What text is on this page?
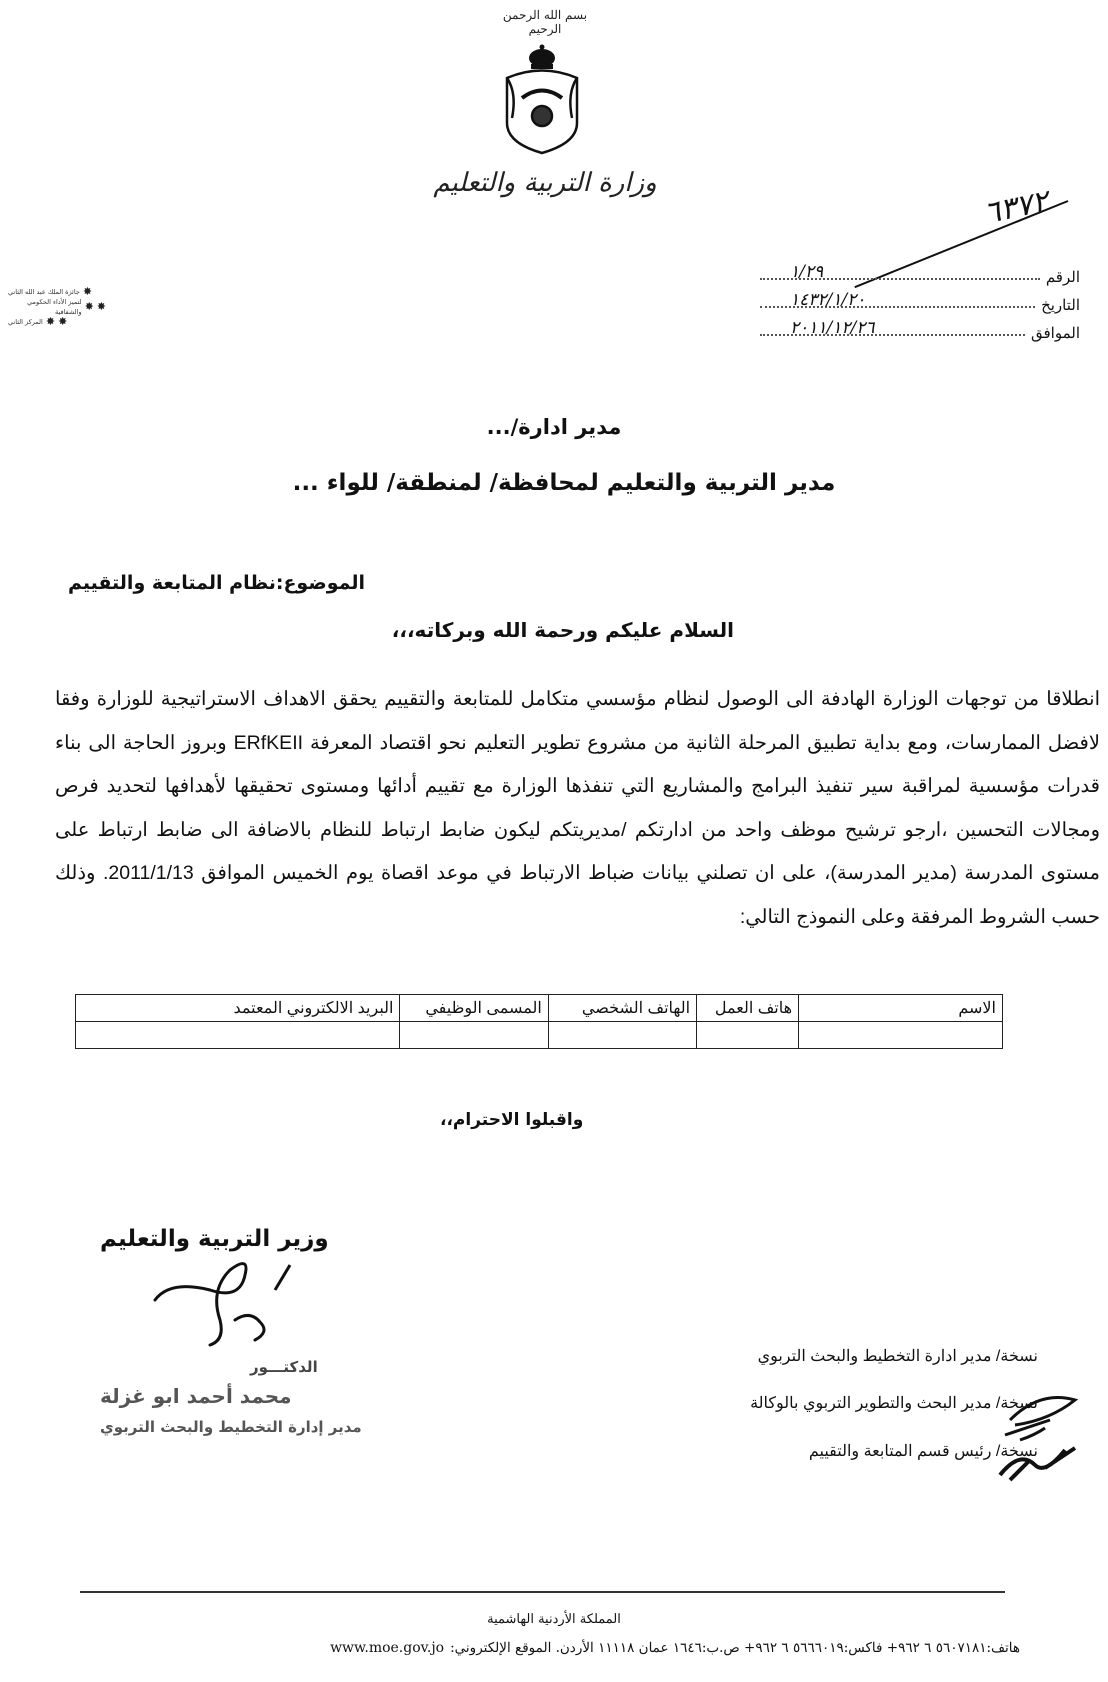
بسم الله الرحمن الرحيم
وزارة التربية والتعليم
✸
جائزة الملك عبد الله الثاني
✸
✸
لتميز الأداء الحكومي والشفافية
✸
✸
المركز الثاني
٦٣٧٢
الرقم
١/٢٩
التاريخ
١٤٣٢/١/٢٠
الموافق
٢٠١١/١٢/٢٦
مدير ادارة/...
مدير التربية والتعليم لمحافظة/ لمنطقة/ للواء ...
الموضوع:نظام المتابعة والتقييم
السلام عليكم ورحمة الله وبركاته،،،

انطلاقا من توجهات الوزارة الهادفة الى الوصول لنظام مؤسسي متكامل للمتابعة والتقييم يحقق الاهداف الاستراتيجية للوزارة وفقا لافضل الممارسات، ومع بداية تطبيق المرحلة الثانية من مشروع تطوير التعليم نحو اقتصاد المعرفة ERfKEII وبروز الحاجة الى بناء قدرات مؤسسية لمراقبة سير تنفيذ البرامج والمشاريع التي تنفذها الوزارة مع تقييم أدائها ومستوى تحقيقها لأهدافها لتحديد فرص ومجالات التحسين ،ارجو ترشيح موظف واحد من ادارتكم /مديريتكم ليكون ضابط ارتباط للنظام بالاضافة الى ضابط ارتباط على مستوى المدرسة (مدير المدرسة)، على ان تصلني بيانات ضباط الارتباط في موعد اقصاة يوم الخميس الموافق 2011/1/13. وذلك حسب الشروط المرفقة وعلى النموذج التالي:

الاسم	هاتف العمل	الهاتف الشخصي	المسمى الوظيفي	البريد الالكتروني المعتمد

واقبلوا الاحترام،،
وزير التربية والتعليم
الدكتـــور
محمد أحمد ابو غزلة
مدير إدارة التخطيط والبحث التربوي
نسخة/ مدير ادارة التخطيط والبحث التربوي
نسخة/ مدير البحث والتطوير التربوي بالوكالة
نسخة/ رئيس قسم المتابعة والتقييم
المملكة الأردنية الهاشمية
هاتف:٥٦٠٧١٨١ ٦ ٩٦٢+ فاكس:٥٦٦٦٠١٩ ٦ ٩٦٢+ ص.ب:١٦٤٦ عمان ١١١١٨ الأردن. الموقع الإلكتروني:
www.moe.gov.jo
